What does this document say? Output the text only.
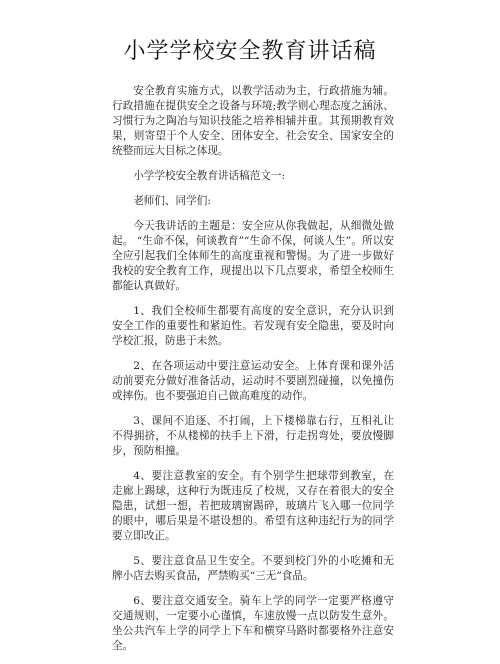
小学学校安全教育讲话稿

安全教育实施方式，以教学活动为主，行政措施为辅。行政措施在提供安全之设备与环境;教学则心理态度之涵泳、习惯行为之陶冶与知识技能之培养相辅并重。其预期教育效果，则寄望于个人安全、团体安全、社会安全、国家安全的统整而远大目标之体现。

小学学校安全教育讲话稿范文一:

老师们、同学们:

今天我讲话的主题是：安全应从你我做起，从细微处做起。 “生命不保，何谈教育”“生命不保，何谈人生”。所以安全应引起我们全体师生的高度重视和警惕。为了进一步做好我校的安全教育工作，现提出以下几点要求，希望全校师生都能认真做好。

1、我们全校师生都要有高度的安全意识，充分认识到安全工作的重要性和紧迫性。若发现有安全隐患，要及时向学校汇报，防患于未然。

2、在各项运动中要注意运动安全。上体育课和课外活动前要充分做好准备活动，运动时不要剧烈碰撞，以免撞伤或摔伤。也不要强迫自己做高难度的动作。

3、课间不追逐、不打闹，上下楼梯靠右行，互相礼让不得拥挤，不从楼梯的扶手上下滑，行走拐弯处，要放慢脚步，预防相撞。

4、要注意教室的安全。有个别学生把球带到教室，在走廊上踢球，这种行为既违反了校规，又存在着很大的安全隐患，试想一想，若把玻璃窗踢碎，玻璃片飞入哪一位同学的眼中，哪后果是不堪设想的。希望有这种违纪行为的同学要立即改正。

5、要注意食品卫生安全。不要到校门外的小吃摊和无牌小店去购买食品，严禁购买“三无”食品。

6、要注意交通安全。骑车上学的同学一定要严格遵守交通规则，一定要小心谨慎，车速放慢一点以防发生意外。坐公共汽车上学的同学上下车和横穿马路时都要格外注意安全。
